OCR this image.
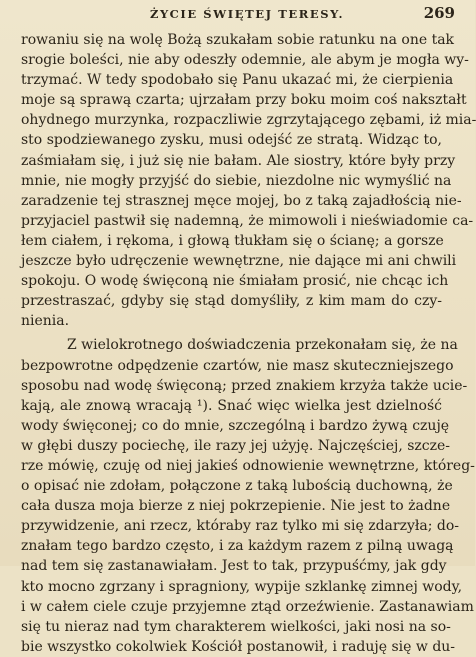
ŻYCIE ŚWIĘTEJ TERESY.	269
rowaniu się na wolę Bożą szukałam sobie ratunku na one tak
srogie boleści, nie aby odeszły odemnie, ale abym je mogła wy-
trzymać. W tedy spodobało się Panu ukazać mi, że cierpienia
moje są sprawą czarta; ujrzałam przy boku moim coś nakształt
ohydnego murzynka, rozpaczliwie zgrzytającego zębami, iż mia-
sto spodziewanego zysku, musi odejść ze stratą. Widząc to,
zaśmiałam się, i już się nie bałam. Ale siostry, które były przy
mnie, nie mogły przyjść do siebie, niezdolne nic wymyślić na
zaradzenie tej strasznej męce mojej, bo z taką zajadłością nie-
przyjaciel pastwił się nademną, że mimowoli i nieświadomie ca-
łem ciałem, i rękoma, i głową tłukłam się o ścianę; a gorsze
jeszcze było udręczenie wewnętrzne, nie dające mi ani chwili
spokoju. O wodę święconą nie śmiałam prosić, nie chcąc ich
przestraszać, gdyby się stąd domyśliły, z kim mam do czy-
nienia.
Z wielokrotnego doświadczenia przekonałam się, że na
bezpowrotne odpędzenie czartów, nie masz skuteczniejszego
sposobu nad wodę święconą; przed znakiem krzyża także ucie-
kają, ale znową wracają ¹). Snać więc wielka jest dzielność
wody święconej; co do mnie, szczególną i bardzo żywą czuję
w głębi duszy pociechę, ile razy jej użyję. Najczęściej, szcze-
rze mówię, czuję od niej jakieś odnowienie wewnętrzne, któreg-
o opisać nie zdołam, połączone z taką lubością duchowną, że
cała dusza moja bierze z niej pokrzepienie. Nie jest to żadne
przywidzenie, ani rzecz, któraby raz tylko mi się zdarzyła; do-
znałam tego bardzo często, i za każdym razem z pilną uwagą
nad tem się zastanawiałam. Jest to tak, przypuśćmy, jak gdy
kto mocno zgrzany i spragniony, wypije szklankę zimnej wody,
i w całem ciele czuje przyjemne ztąd orzeźwienie. Zastanawiam
się tu nieraz nad tym charakterem wielkości, jaki nosi na so-
bie wszystko cokolwiek Kościół postanowił, i raduję się w du-
